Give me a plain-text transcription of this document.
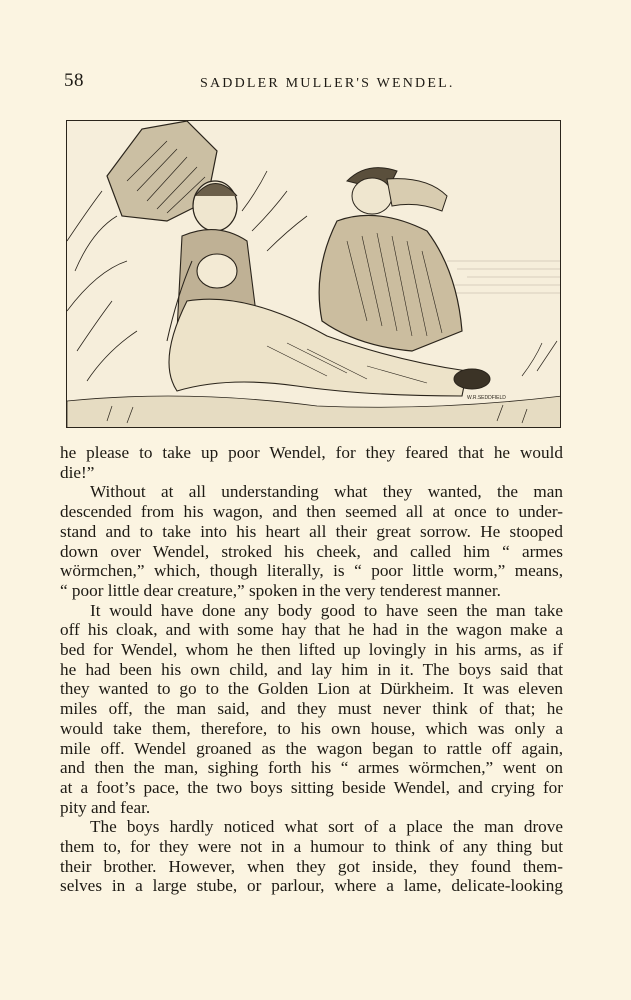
58	SADDLER MULLER'S WENDEL.
W.R.SEDDFIELD
he please to take up poor Wendel, for they feared that he would
die!”
Without at all understanding what they wanted, the man
descended from his wagon, and then seemed all at once to under-
stand and to take into his heart all their great sorrow. He stooped
down over Wendel, stroked his cheek, and called him “ armes
wörmchen,” which, though literally, is “ poor little worm,” means,
“ poor little dear creature,” spoken in the very tenderest manner.
It would have done any body good to have seen the man take
off his cloak, and with some hay that he had in the wagon make a
bed for Wendel, whom he then lifted up lovingly in his arms, as if
he had been his own child, and lay him in it. The boys said that
they wanted to go to the Golden Lion at Dürkheim. It was eleven
miles off, the man said, and they must never think of that; he
would take them, therefore, to his own house, which was only a
mile off. Wendel groaned as the wagon began to rattle off again,
and then the man, sighing forth his “ armes wörmchen,” went on
at a foot’s pace, the two boys sitting beside Wendel, and crying for
pity and fear.
The boys hardly noticed what sort of a place the man drove
them to, for they were not in a humour to think of any thing but
their brother. However, when they got inside, they found them-
selves in a large stube, or parlour, where a lame, delicate-looking
